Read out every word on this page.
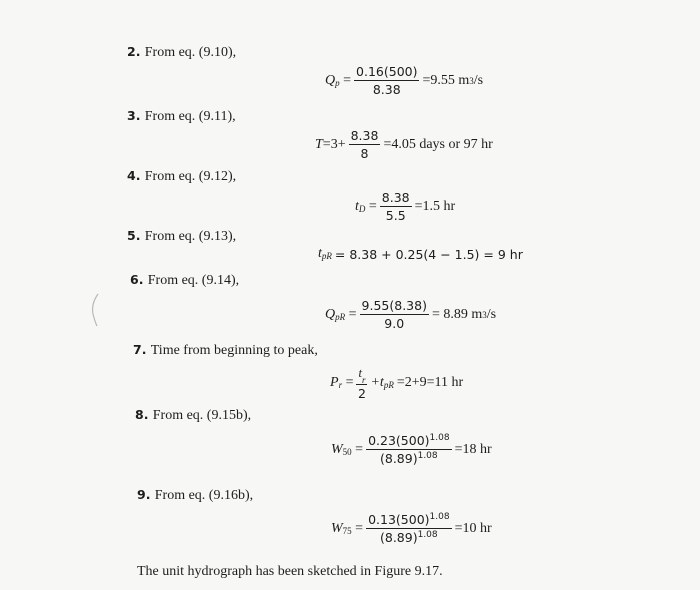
2. From eq. (9.10),
3. From eq. (9.11),
4. From eq. (9.12),
5. From eq. (9.13),
6. From eq. (9.14),
7. Time from beginning to peak,
8. From eq. (9.15b),
9. From eq. (9.16b),
$Q_p = \frac{0.16(500)}{8.38} =9.55$ m 3 /s
$T =3+ \frac{8.38}{8} =4.05$ days or 97 hr
$t_D = \frac{8.38}{5.5} =1.5$ hr
$t_{pR} = 8.38 + 0.25(4 - 1.5) = 9$ hr
$Q_{pR} = \frac{9.55(8.38)}{9.0} = 8.89$ m 3 /s
$P_r = \frac{t_r}{2} +t_{pR} =2+9=11$ hr
$W_{50} = \frac{0.23(500)^{1.08}}{(8.89)^{1.08}} =18$ hr
$W_{75} = \frac{0.13(500)^{1.08}}{(8.89)^{1.08}} =10$ hr
The unit hydrograph has been sketched in Figure 9.17.
